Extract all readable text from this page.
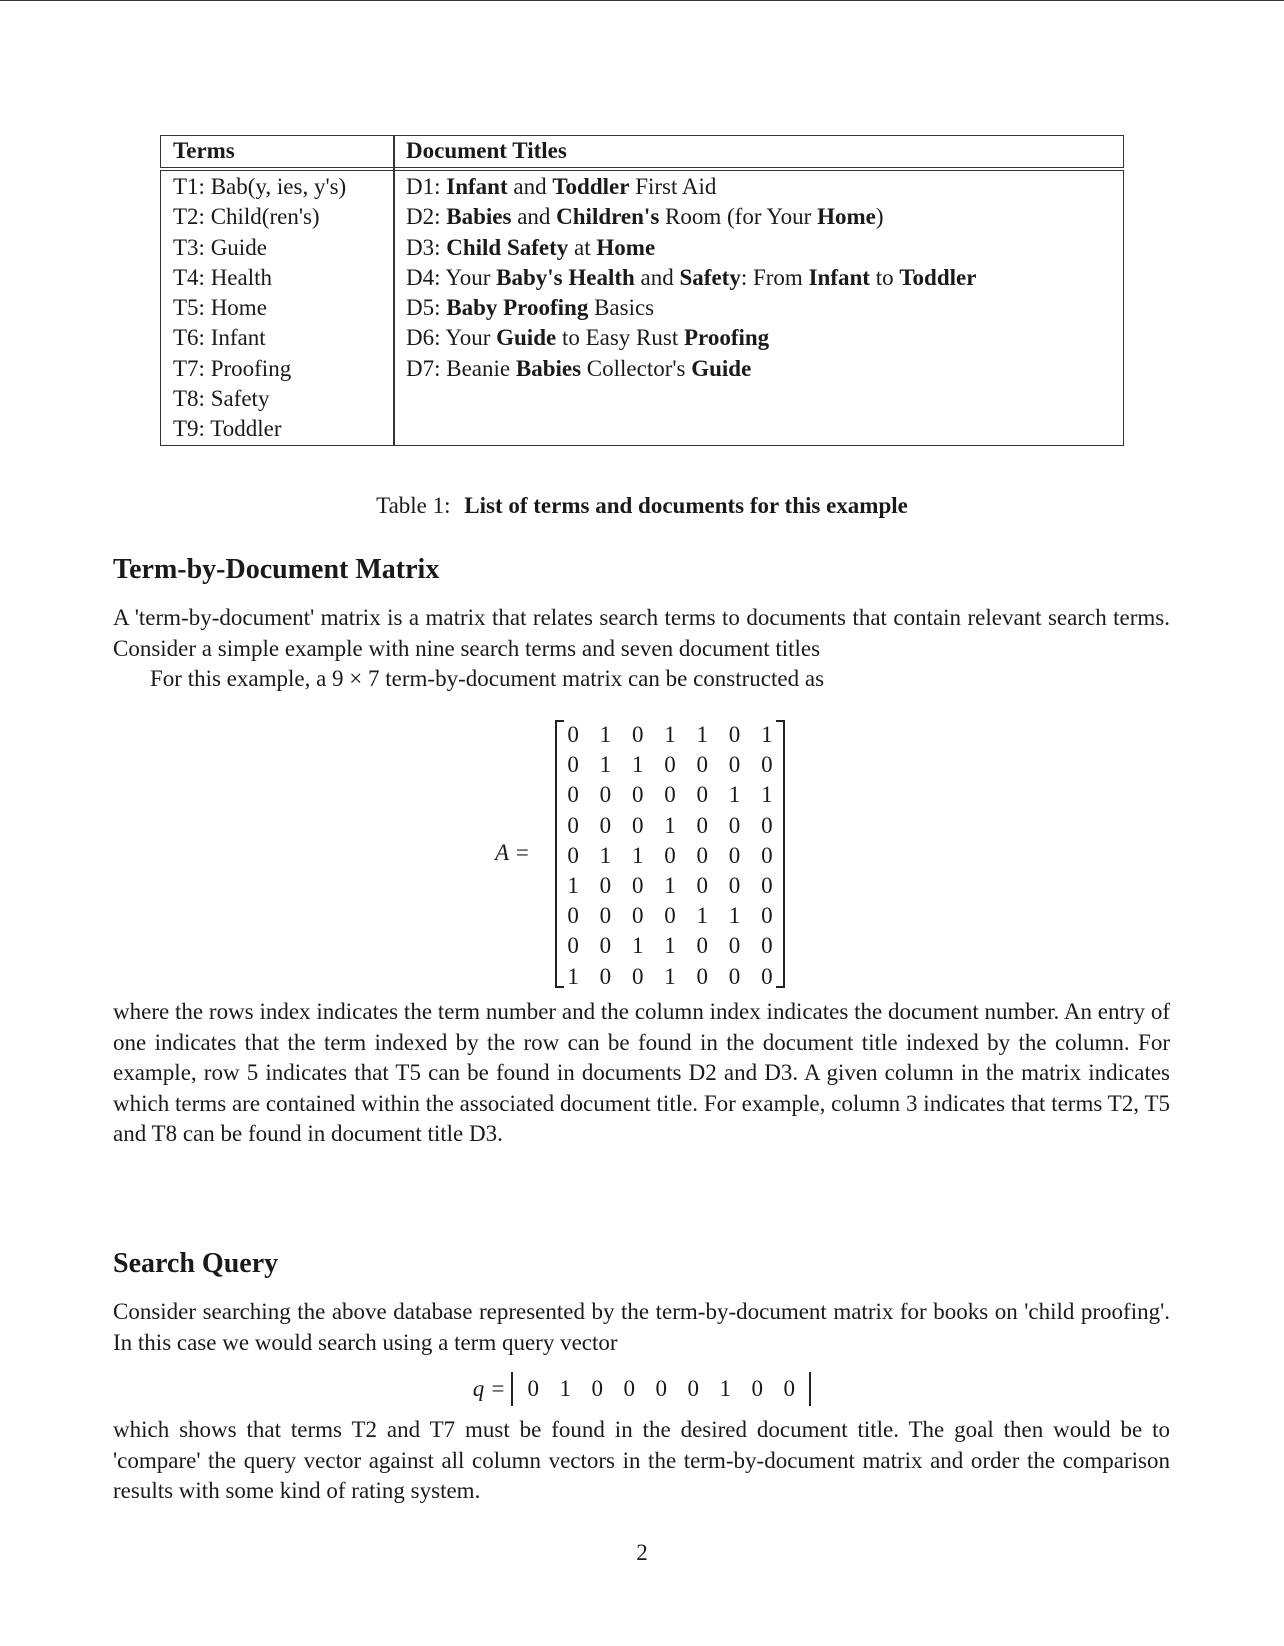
Terms	Document Titles
T1: Bab(y, ies, y's)
T2: Child(ren's)
T3: Guide
T4: Health
T5: Home
T6: Infant
T7: Proofing
T8: Safety
T9: Toddler
D1: Infant and Toddler First Aid
D2: Babies and Children's Room (for Your Home)
D3: Child Safety at Home
D4: Your Baby's Health and Safety: From Infant to Toddler
D5: Baby Proofing Basics
D6: Your Guide to Easy Rust Proofing
D7: Beanie Babies Collector's Guide
Table 1: List of terms and documents for this example
Term-by-Document Matrix

A 'term-by-document' matrix is a matrix that relates search terms to documents that contain relevant search terms. Consider a simple example with nine search terms and seven document titles

For this example, a 9 × 7 term-by-document matrix can be constructed as

A =
0 1 0 1 1 0 1
0 1 1 0 0 0 0
0 0 0 0 0 1 1
0 0 0 1 0 0 0
0 1 1 0 0 0 0
1 0 0 1 0 0 0
0 0 0 0 1 1 0
0 0 1 1 0 0 0
1 0 0 1 0 0 0

where the rows index indicates the term number and the column index indicates the document number. An entry of one indicates that the term indexed by the row can be found in the document title indexed by the column. For example, row 5 indicates that T5 can be found in documents D2 and D3. A given column in the matrix indicates which terms are contained within the associated document title. For example, column 3 indicates that terms T2, T5 and T8 can be found in document title D3.

Search Query

Consider searching the above database represented by the term-by-document matrix for books on 'child proofing'. In this case we would search using a term query vector

q = 0 1 0 0 0 0 1 0 0

which shows that terms T2 and T7 must be found in the desired document title. The goal then would be to 'compare' the query vector against all column vectors in the term-by-document matrix and order the comparison results with some kind of rating system.

2
